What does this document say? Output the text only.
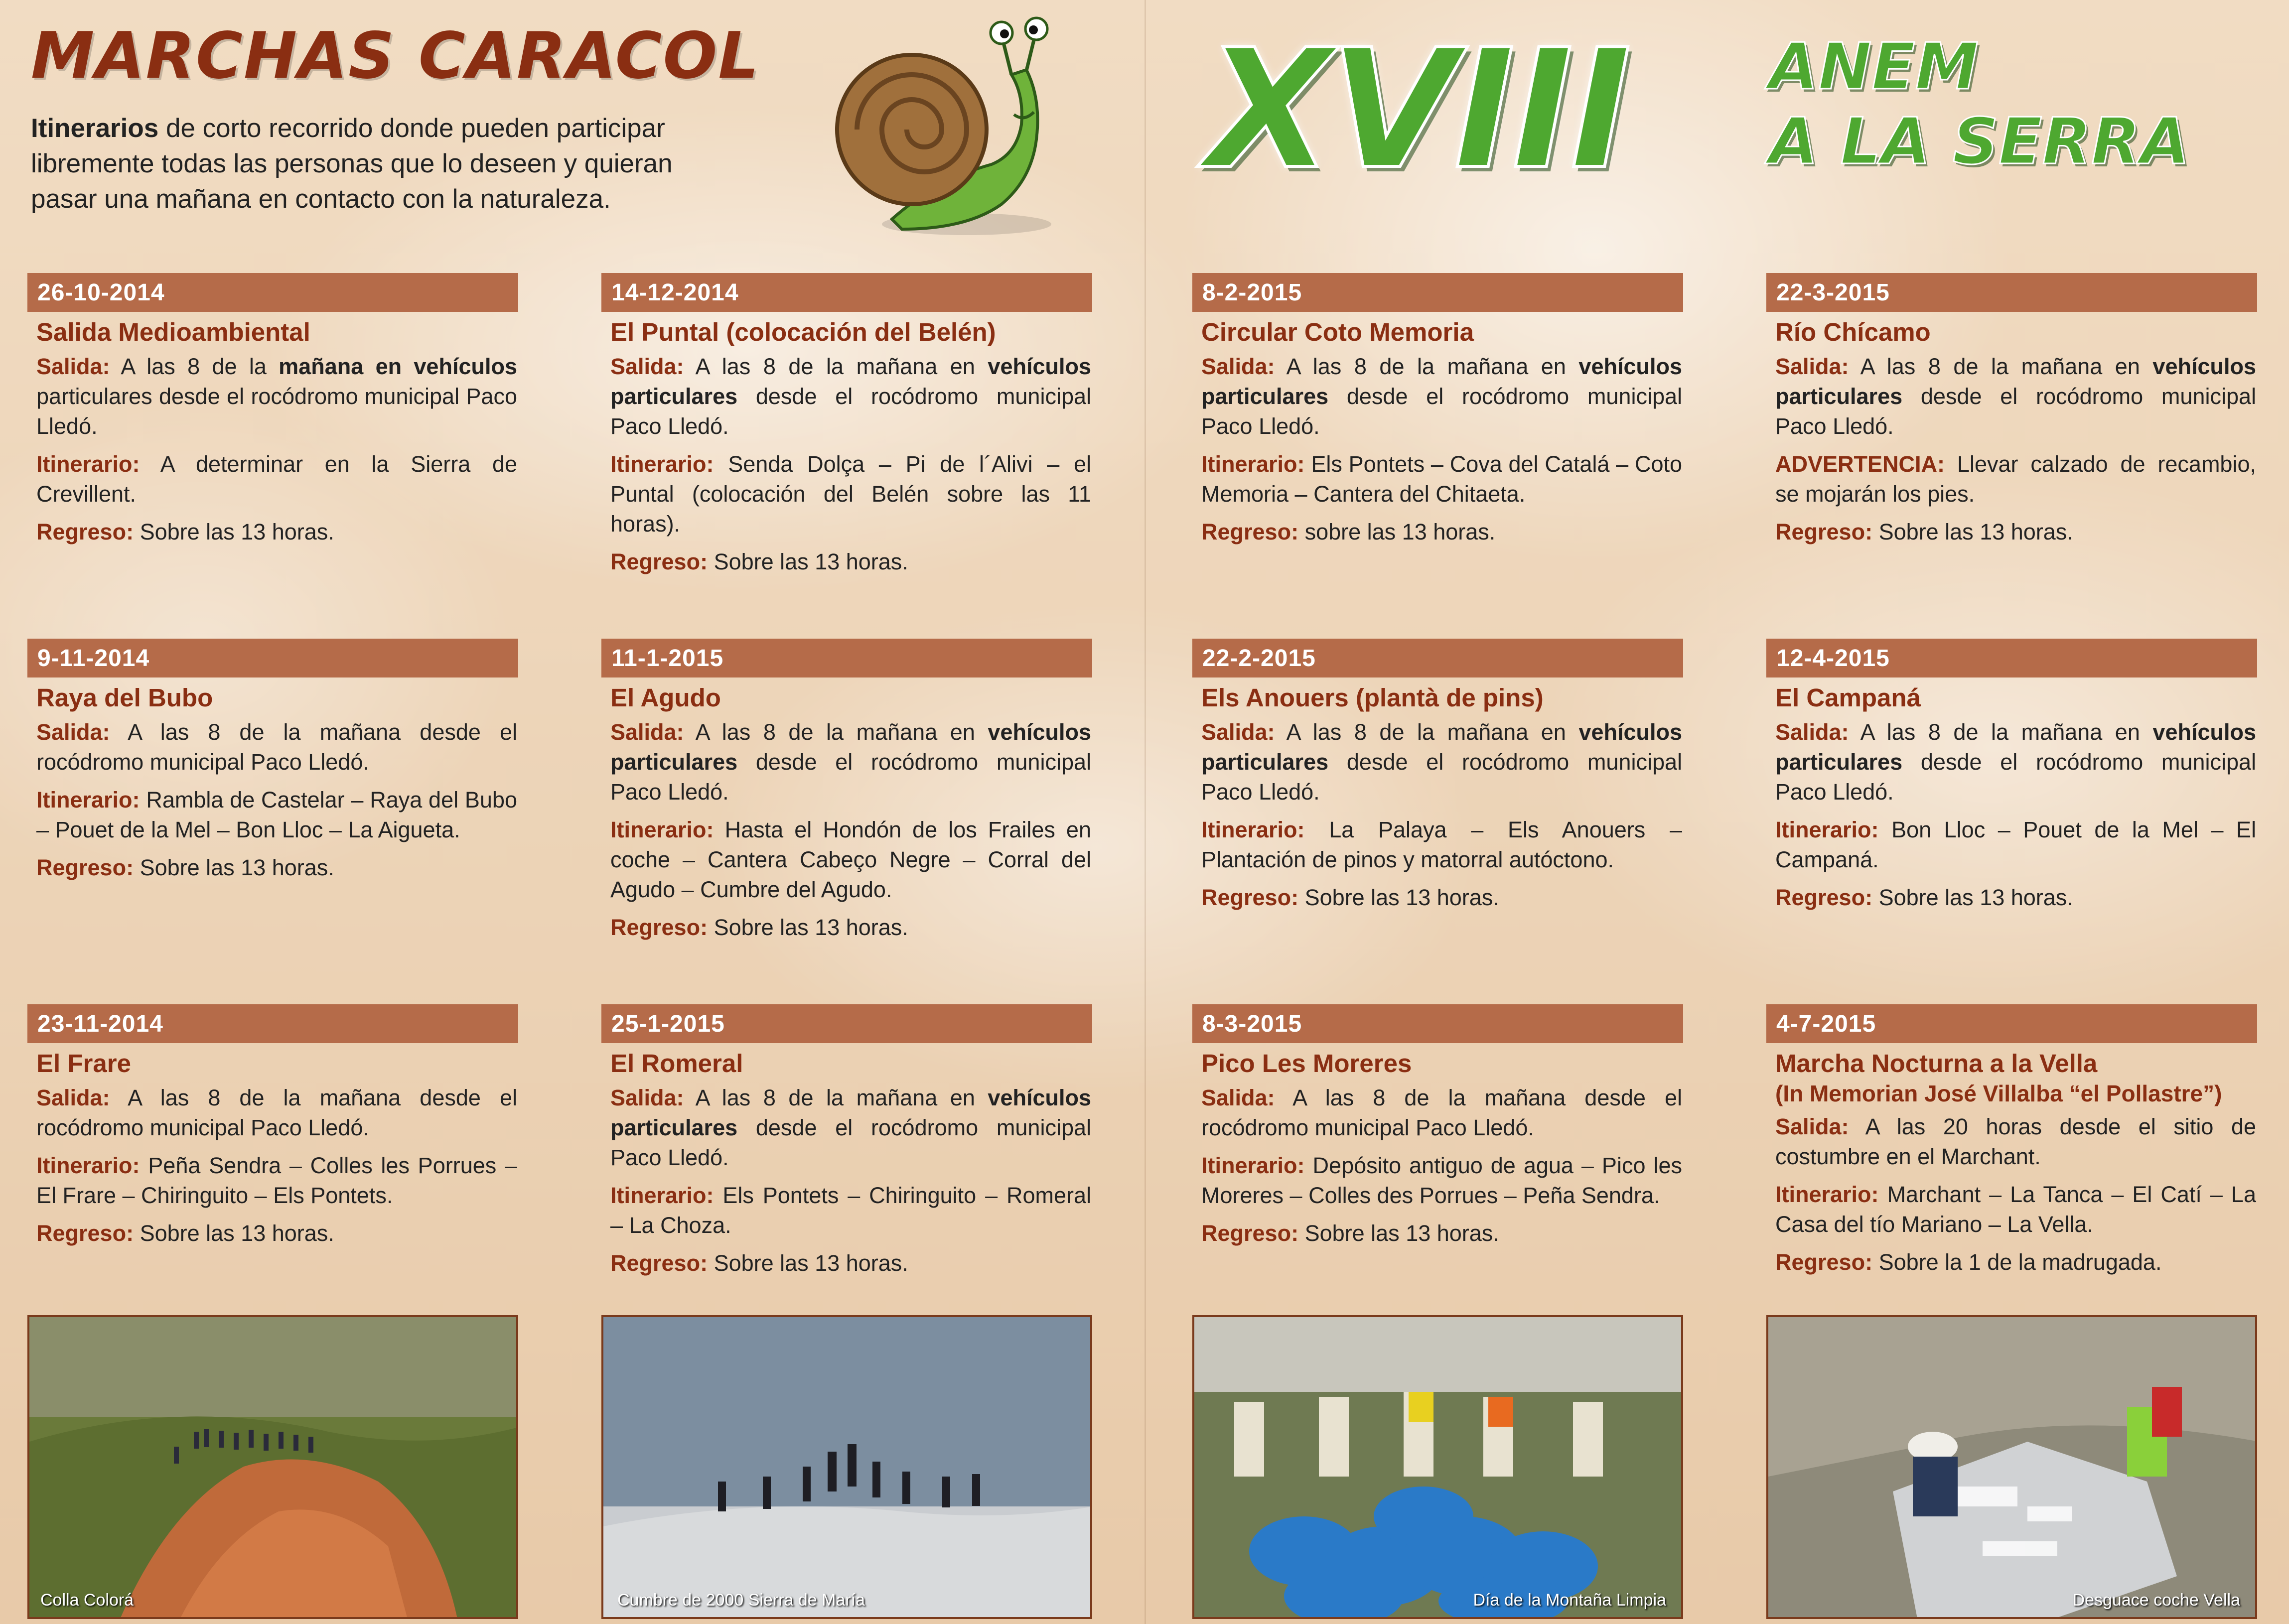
MARCHAS CARACOL

Itinerarios de corto recorrido donde pueden participar libremente todas las personas que lo deseen y quieran pasar una mañana en contacto con la naturaleza.	XVIII ANEM
A LA SERRA
26-10-2014
Salida Medioambiental

Salida: A las 8 de la mañana en vehículos particulares desde el rocódromo municipal Paco Lledó.

Itinerario: A determinar en la Sierra de Crevillent.

Regreso: Sobre las 13 horas.

9-11-2014
Raya del Bubo

Salida: A las 8 de la mañana desde el rocódromo municipal Paco Lledó.

Itinerario: Rambla de Castelar – Raya del Bubo – Pouet de la Mel – Bon Lloc – La Aigueta.

Regreso: Sobre las 13 horas.

23-11-2014
El Frare

Salida: A las 8 de la mañana desde el rocódromo municipal Paco Lledó.

Itinerario: Peña Sendra – Colles les Porrues – El Frare – Chiringuito – Els Pontets.

Regreso: Sobre las 13 horas.

14-12-2014
El Puntal (colocación del Belén)

Salida: A las 8 de la mañana en vehículos particulares desde el rocódromo municipal Paco Lledó.

Itinerario: Senda Dolça – Pi de l´Alivi – el Puntal (colocación del Belén sobre las 11 horas).

Regreso: Sobre las 13 horas.

11-1-2015
El Agudo

Salida: A las 8 de la mañana en vehículos particulares desde el rocódromo municipal Paco Lledó.

Itinerario: Hasta el Hondón de los Frailes en coche – Cantera Cabeço Negre – Corral del Agudo – Cumbre del Agudo.

Regreso: Sobre las 13 horas.

25-1-2015
El Romeral

Salida: A las 8 de la mañana en vehículos particulares desde el rocódromo municipal Paco Lledó.

Itinerario: Els Pontets – Chiringuito – Romeral – La Choza.

Regreso: Sobre las 13 horas.

8-2-2015
Circular Coto Memoria

Salida: A las 8 de la mañana en vehículos particulares desde el rocódromo municipal Paco Lledó.

Itinerario: Els Pontets – Cova del Catalá – Coto Memoria – Cantera del Chitaeta.

Regreso: sobre las 13 horas.

22-2-2015
Els Anouers (plantà de pins)

Salida: A las 8 de la mañana en vehículos particulares desde el rocódromo municipal Paco Lledó.

Itinerario: La Palaya – Els Anouers – Plantación de pinos y matorral autóctono.

Regreso: Sobre las 13 horas.

8-3-2015
Pico Les Moreres

Salida: A las 8 de la mañana desde el rocódromo municipal Paco Lledó.

Itinerario: Depósito antiguo de agua – Pico les Moreres – Colles des Porrues – Peña Sendra.

Regreso: Sobre las 13 horas.

22-3-2015
Río Chícamo

Salida: A las 8 de la mañana en vehículos particulares desde el rocódromo municipal Paco Lledó.

ADVERTENCIA: Llevar calzado de recambio, se mojarán los pies.

Regreso: Sobre las 13 horas.

12-4-2015
El Campaná

Salida: A las 8 de la mañana en vehículos particulares desde el rocódromo municipal Paco Lledó.

Itinerario: Bon Lloc – Pouet de la Mel – El Campaná.

Regreso: Sobre las 13 horas.

4-7-2015
Marcha Nocturna a la Vella
(In Memorian José Villalba “el Pollastre”)

Salida: A las 20 horas desde el sitio de costumbre en el Marchant.

Itinerario: Marchant – La Tanca – El Catí – La Casa del tío Mariano – La Vella.

Regreso: Sobre la 1 de la madrugada.

Colla Colorá	Cumbre de 2000 Sierra de María	Día de la Montaña Limpia	Desguace coche Vella
